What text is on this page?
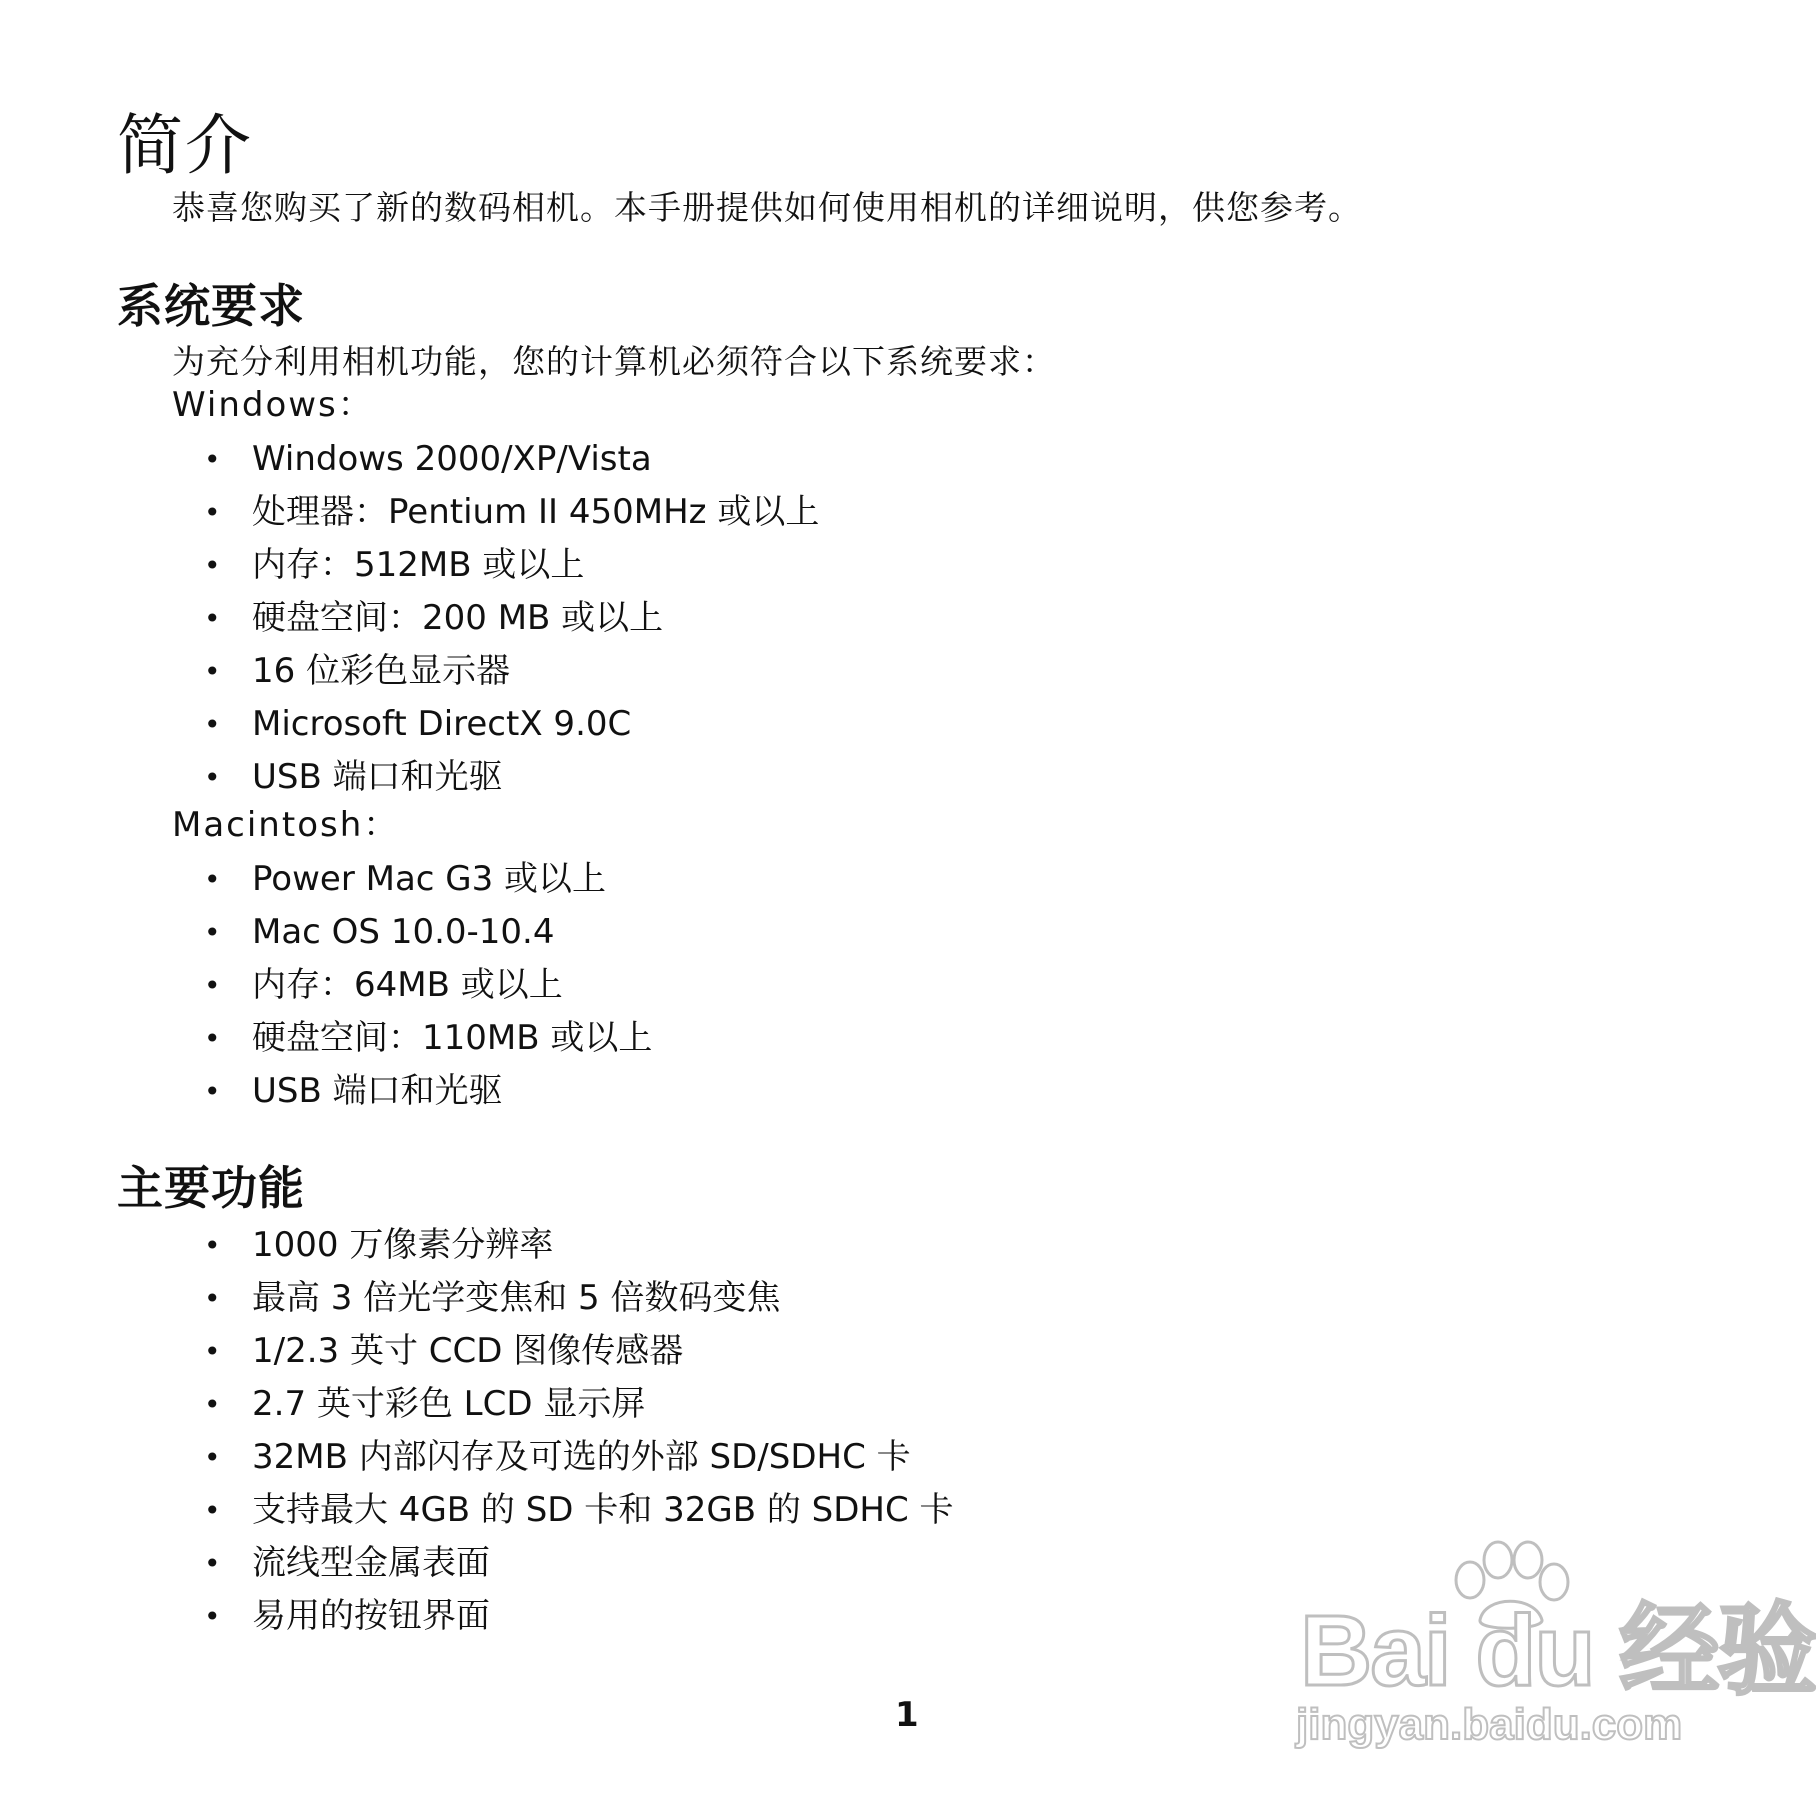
简介

恭喜您购买了新的数码相机。本手册提供如何使用相机的详细说明，供您参考。

系统要求

为充分利用相机功能，您的计算机必须符合以下系统要求：

Windows：

• Windows 2000/XP/Vista
• 处理器：Pentium II 450MHz 或以上
• 内存：512MB 或以上
• 硬盘空间：200 MB 或以上
• 16 位彩色显示器
• Microsoft DirectX 9.0C
• USB 端口和光驱

Macintosh：

• Power Mac G3 或以上
• Mac OS 10.0-10.4
• 内存：64MB 或以上
• 硬盘空间：110MB 或以上
• USB 端口和光驱
主要功能
• 1000 万像素分辨率
• 最高 3 倍光学变焦和 5 倍数码变焦
• 1/2.3 英寸 CCD 图像传感器
• 2.7 英寸彩色 LCD 显示屏
• 32MB 内部闪存及可选的外部 SD/SDHC 卡
• 支持最大 4GB 的 SD 卡和 32GB 的 SDHC 卡
• 流线型金属表面
• 易用的按钮界面
1
Bai du 经验
jingyan.baidu.com
